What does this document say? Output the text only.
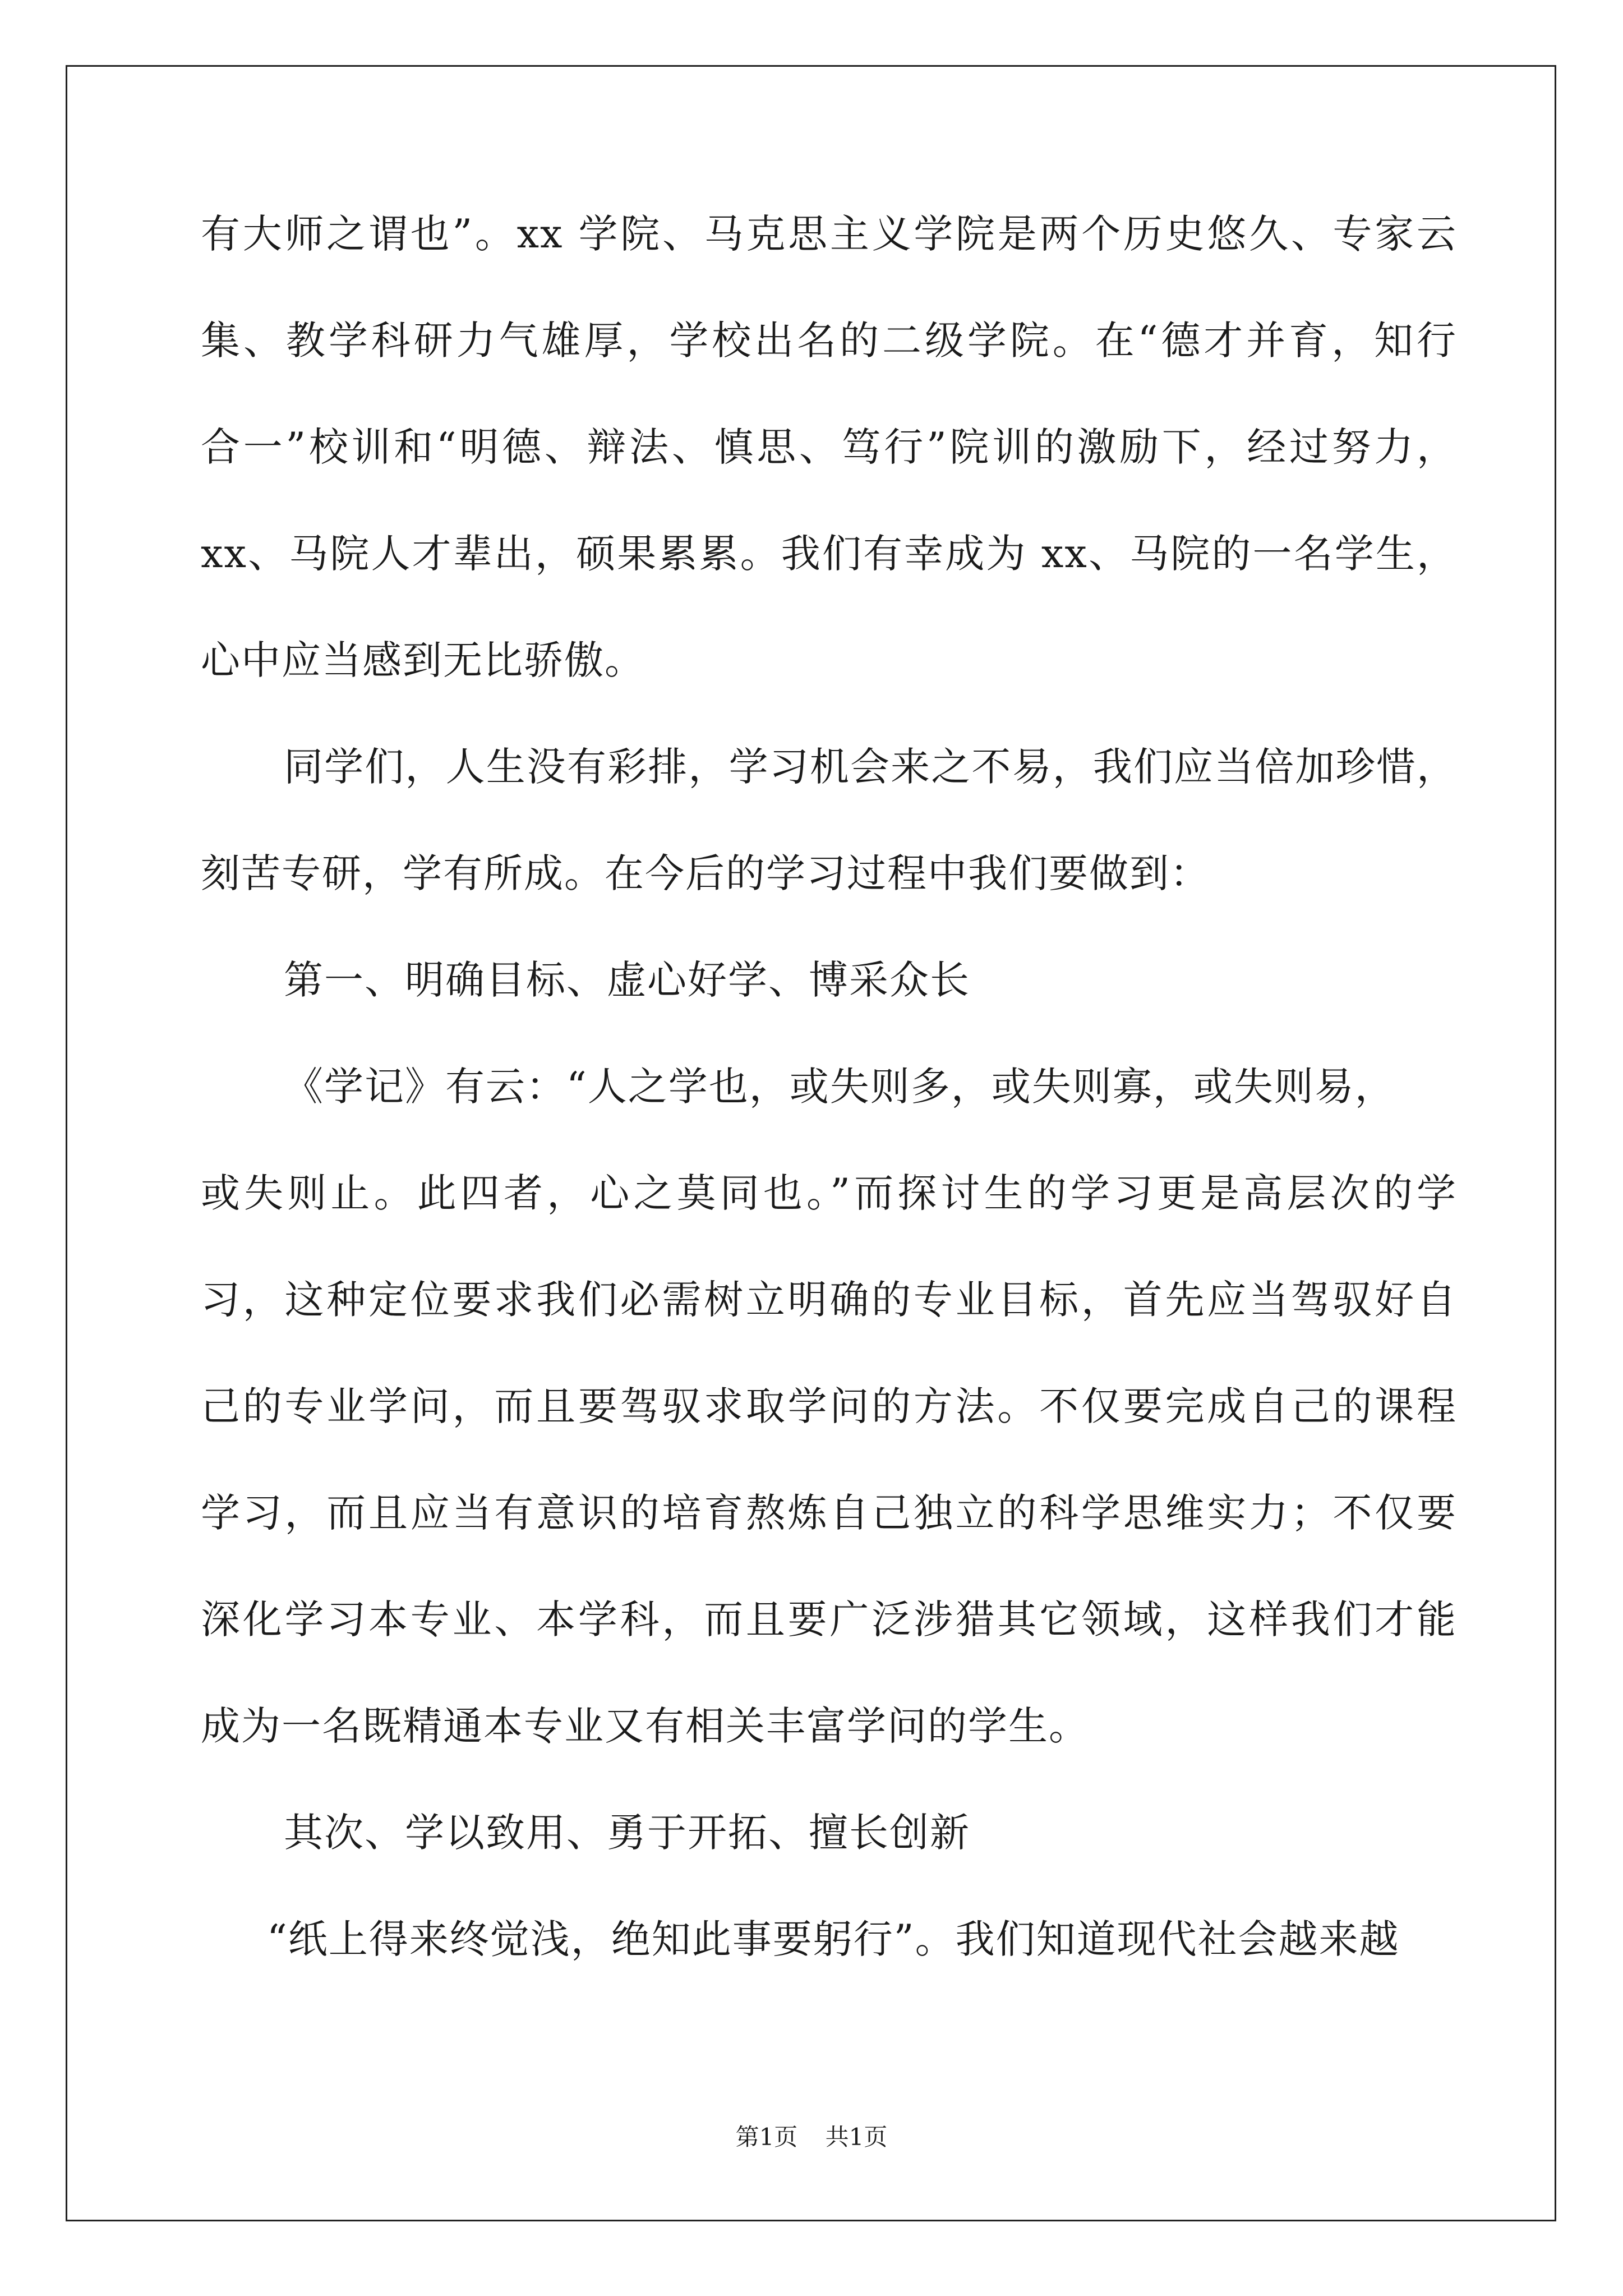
有大师之谓也”。xx 学院、马克思主义学院是两个历史悠久、专家云
集、教学科研力气雄厚，学校出名的二级学院。在“德才并育，知行
合一”校训和“明德、辩法、慎思、笃行”院训的激励下，经过努力，
xx、马院人才辈出，硕果累累。我们有幸成为 xx、马院的一名学生，
心中应当感到无比骄傲。
同学们，人生没有彩排，学习机会来之不易，我们应当倍加珍惜，
刻苦专研，学有所成。在今后的学习过程中我们要做到：
第一、明确目标、虚心好学、博采众长
《学记》有云：“人之学也，或失则多，或失则寡，或失则易，
或失则止。此四者，心之莫同也。”而探讨生的学习更是高层次的学
习，这种定位要求我们必需树立明确的专业目标，首先应当驾驭好自
己的专业学问，而且要驾驭求取学问的方法。不仅要完成自己的课程
学习，而且应当有意识的培育熬炼自己独立的科学思维实力；不仅要
深化学习本专业、本学科，而且要广泛涉猎其它领域，这样我们才能
成为一名既精通本专业又有相关丰富学问的学生。
其次、学以致用、勇于开拓、擅长创新
“纸上得来终觉浅，绝知此事要躬行”。我们知道现代社会越来越
第1页 共1页
